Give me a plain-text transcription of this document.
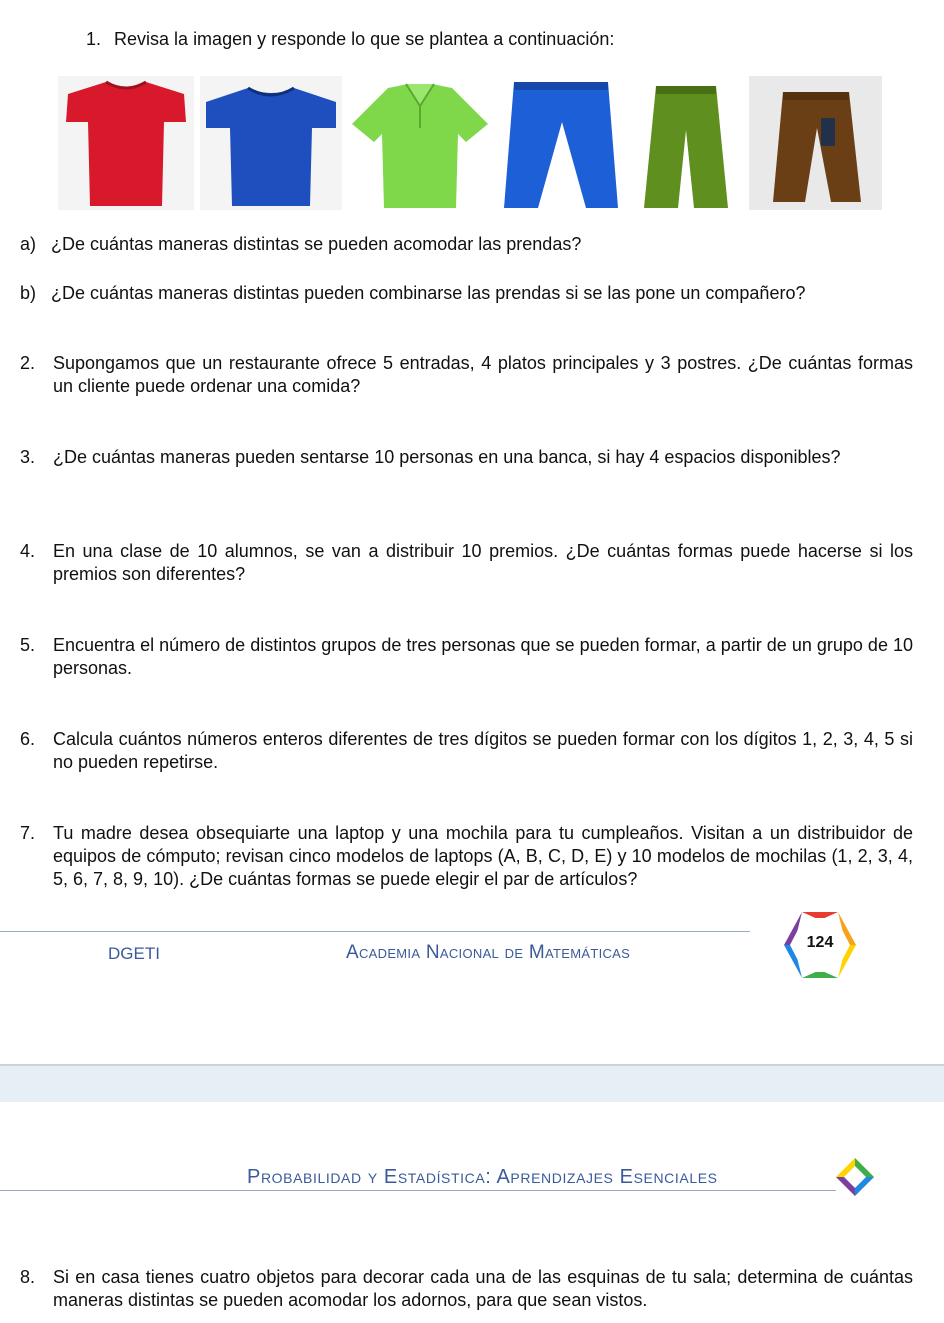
1. Revisa la imagen y responde lo que se plantea a continuación:
a) ¿De cuántas maneras distintas se pueden acomodar las prendas?
b) ¿De cuántas maneras distintas pueden combinarse las prendas si se las pone un compañero?
2. Supongamos que un restaurante ofrece 5 entradas, 4 platos principales y 3 postres. ¿De cuántas formas un cliente puede ordenar una comida?
3. ¿De cuántas maneras pueden sentarse 10 personas en una banca, si hay 4 espacios disponibles?
4. En una clase de 10 alumnos, se van a distribuir 10 premios. ¿De cuántas formas puede hacerse si los premios son diferentes?
5. Encuentra el número de distintos grupos de tres personas que se pueden formar, a partir de un grupo de 10 personas.
6. Calcula cuántos números enteros diferentes de tres dígitos se pueden formar con los dígitos 1, 2, 3, 4, 5 si no pueden repetirse.
7. Tu madre desea obsequiarte una laptop y una mochila para tu cumpleaños. Visitan a un distribuidor de equipos de cómputo; revisan cinco modelos de laptops (A, B, C, D, E) y 10 modelos de mochilas (1, 2, 3, 4, 5, 6, 7, 8, 9, 10). ¿De cuántas formas se puede elegir el par de artículos?
DGETI	Academia Nacional de Matemáticas	124
Probabilidad y Estadística: Aprendizajes Esenciales
8. Si en casa tienes cuatro objetos para decorar cada una de las esquinas de tu sala; determina de cuántas maneras distintas se pueden acomodar los adornos, para que sean vistos.
